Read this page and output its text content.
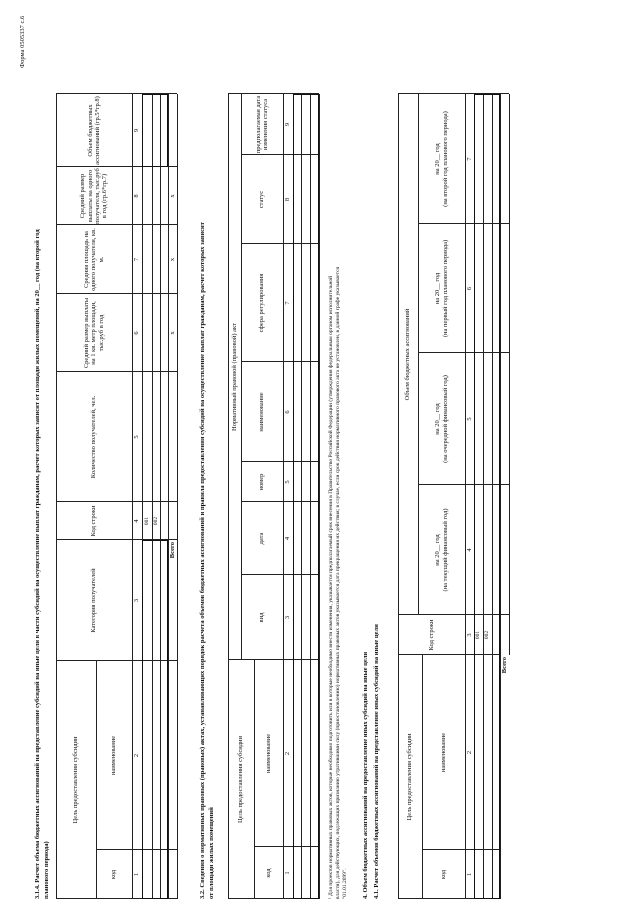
Форма 0505337 с.6
3.1.4. Расчет объема бюджетных ассигнований на представление субсидий на иные цели в части субсидий на осуществление выплат гражданам, расчет которых зависит от площади жилых помещений, на 20__ год (на второй год планового периода)
Цель предоставления субсидии
код
наименование
Категория получателей
Код строки
Количество получателей, чел.
Средний размер выплаты на 1 кв. метр площади, тыс.руб в год
Средняя площадь на одного получателя, кв. м.
Средний размер выплаты на одного получателя, тыс.руб в год (гр.6*гр.7)
Объем бюджетных ассигнований (гр.5*гр.8)
1
2
3
4
5
6
7
8
9
001 002
Всего
x
x
x
3.2. Сведения о нормативных правовых (правовых) актах, устанавливающих порядок расчета объемов бюджетных ассигнований и правила предоставления субсидий на осуществление выплат гражданам, расчет которых зависит от площади жилых помещений
Цель предоставления субсидии
код
наименование
Нормативный правовой (правовой) акт
вид
дата
номер
наименование
сфера регулирования
статус
предполагаемая дата изменения статуса
1
2
3
4
5
6
7
8
9
¹ Для проектов нормативных правовых актов, которые необходимо подготовить или в которые необходимо внести изменения, указывается предполагаемый срок внесения в Правительство Российской Федерации (утверждения федеральным органом исполнительной власти), для действующих, подлежащих признанию утратившими силу (приостановлению) нормативных правовых актов указывается дата прекращения их действия; в случае, если срок действия нормативного правового акта не установлен, в данной графе указывается "01.01.2099". 4. Объем бюджетных ассигнований на предоставление иных субсидий на иные цели 4.1. Расчет объемов бюджетных ассигнований на представление иных субсидий на иные цели	Цель предоставления субсидии
код
наименование
Код строки
Объем бюджетных ассигнований
на 20__ год (на текущий финансовый год)
на 20__ год (на очередной финансовый год)
на 20__ год (на первый год планового периода)
на 20__ год (на второй год планового периода)
1
2
3
4
5
6
7
001 002
Всего
